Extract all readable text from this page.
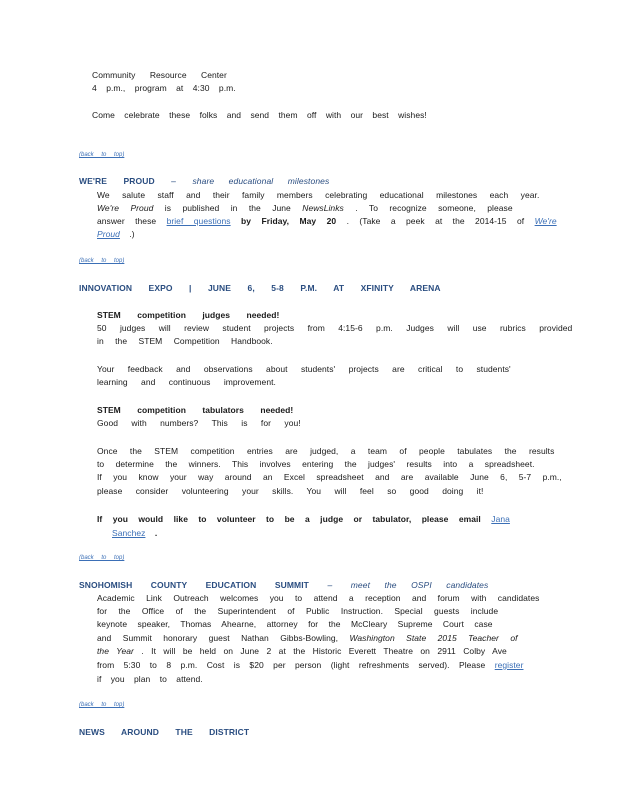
Community Resource Center
4 p.m., program at 4:30 p.m.
Come celebrate these folks and send them off with our best wishes!
(back to top)
WE'RE PROUD – share educational milestones
We salute staff and their family members celebrating educational milestones each year.
We're Proud is published in the June NewsLinks . To recognize someone, please
answer these brief questions by Friday, May 20 . (Take a peek at the 2014-15 of We're
Proud .)
(back to top)
INNOVATION EXPO | JUNE 6, 5-8 P.M. AT XFINITY ARENA
STEM competition judges needed!
50 judges will review student projects from 4:15-6 p.m. Judges will use rubrics provided
in the STEM Competition Handbook.
Your feedback and observations about students' projects are critical to students'
learning and continuous improvement.
STEM competition tabulators needed!
Good with numbers? This is for you!
Once the STEM competition entries are judged, a team of people tabulates the results
to determine the winners. This involves entering the judges' results into a spreadsheet.
If you know your way around an Excel spreadsheet and are available June 6, 5-7 p.m.,
please consider volunteering your skills. You will feel so good doing it!
If you would like to volunteer to be a judge or tabulator, please email Jana
Sanchez .
(back to top)
SNOHOMISH COUNTY EDUCATION SUMMIT – meet the OSPI candidates
Academic Link Outreach welcomes you to attend a reception and forum with candidates
for the Office of the Superintendent of Public Instruction. Special guests include
keynote speaker, Thomas Ahearne, attorney for the McCleary Supreme Court case
and Summit honorary guest Nathan Gibbs-Bowling, Washington State 2015 Teacher of
the Year . It will be held on June 2 at the Historic Everett Theatre on 2911 Colby Ave
from 5:30 to 8 p.m. Cost is $20 per person (light refreshments served). Please register
if you plan to attend.
(back to top)
NEWS AROUND THE DISTRICT
